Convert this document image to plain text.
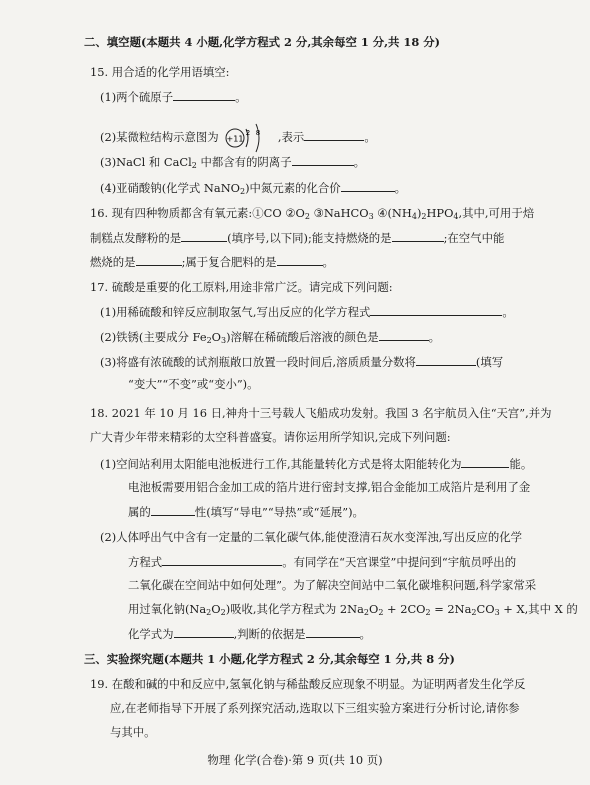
二、填空题(本题共 4 小题,化学方程式 2 分,其余每空 1 分,共 18 分)
15. 用合适的化学用语填空:
(1)两个硫原子	。
(2)某微粒结构示意图为 +11
2 8 ,表示	。
(3)NaCl 和 CaCl$_2$ 中都含有的阴离子	。
(4)亚硝酸钠(化学式 NaNO$_2$)中氮元素的化合价	。
16. 现有四种物质都含有氧元素:①CO $②O_2$ ③NaHCO$_3$ $④(NH_4)_2HPO_4$,其中,可用于焙
制糕点发酵粉的是	(填序号,以下同);能支持燃烧的是	;在空气中能
燃烧的是	;属于复合肥料的是	。
17. 硫酸是重要的化工原料,用途非常广泛。请完成下列问题:
(1)用稀硫酸和锌反应制取氢气,写出反应的化学方程式	。
(2)铁锈(主要成分 $Fe_2O_3$)溶解在稀硫酸后溶液的颜色是	。
(3)将盛有浓硫酸的试剂瓶敞口放置一段时间后,溶质质量分数将	(填写
“变大”“不变”或“变小”)。
18. 2021 年 10 月 16 日,神舟十三号载人飞船成功发射。我国 3 名宇航员入住“天宫”,并为
广大青少年带来精彩的太空科普盛宴。请你运用所学知识,完成下列问题:
(1)空间站利用太阳能电池板进行工作,其能量转化方式是将太阳能转化为	能。
电池板需要用铝合金加工成的箔片进行密封支撑,铝合金能加工成箔片是利用了金
属的	性(填写“导电”“导热”或“延展”)。
(2)人体呼出气中含有一定量的二氧化碳气体,能使澄清石灰水变浑浊,写出反应的化学
方程式	。有同学在“天宫课堂”中提问到“宇航员呼出的
二氧化碳在空间站中如何处理”。为了解决空间站中二氧化碳堆积问题,科学家常采
用过氧化钠$(Na_2O_2)$吸收,其化学方程式为 $2Na_2O_2 + 2CO_2 = 2Na_2CO_3 + X$,其中 X 的
化学式为	,判断的依据是	。
三、实验探究题(本题共 1 小题,化学方程式 2 分,其余每空 1 分,共 8 分)
19. 在酸和碱的中和反应中,氢氧化钠与稀盐酸反应现象不明显。为证明两者发生化学反
应,在老师指导下开展了系列探究活动,选取以下三组实验方案进行分析讨论,请你参
与其中。
物理 化学(合卷)·第 9 页(共 10 页)
